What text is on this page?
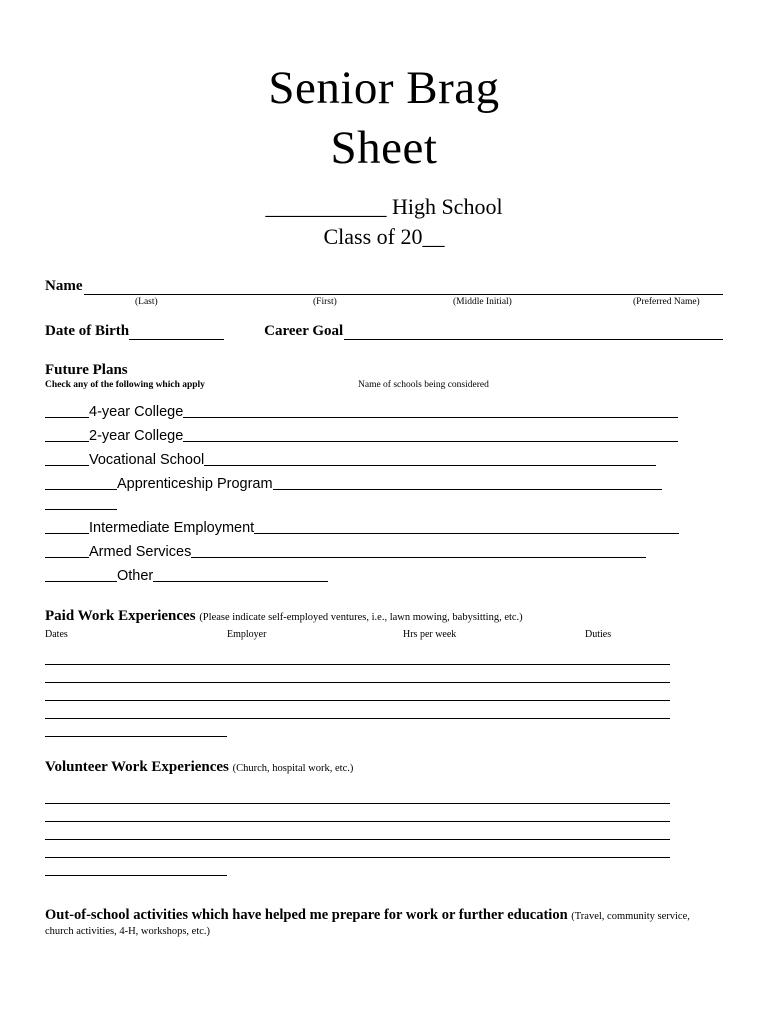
Senior Brag
Sheet
___________ High School
Class of 20__
Name
(Last)	(First)	(Middle Initial)	(Preferred Name)
Date of Birth	Career Goal
Future Plans
Check any of the following which apply	Name of schools being considered
4-year College
2-year College
Vocational School
Apprenticeship Program
Intermediate Employment
Armed Services
Other
Paid Work Experiences (Please indicate self-employed ventures, i.e., lawn mowing, babysitting, etc.)
Dates	Employer	Hrs per week	Duties
Volunteer Work Experiences (Church, hospital work, etc.)
Out-of-school activities which have helped me prepare for work or further education (Travel, community service,
church activities, 4-H, workshops, etc.)
